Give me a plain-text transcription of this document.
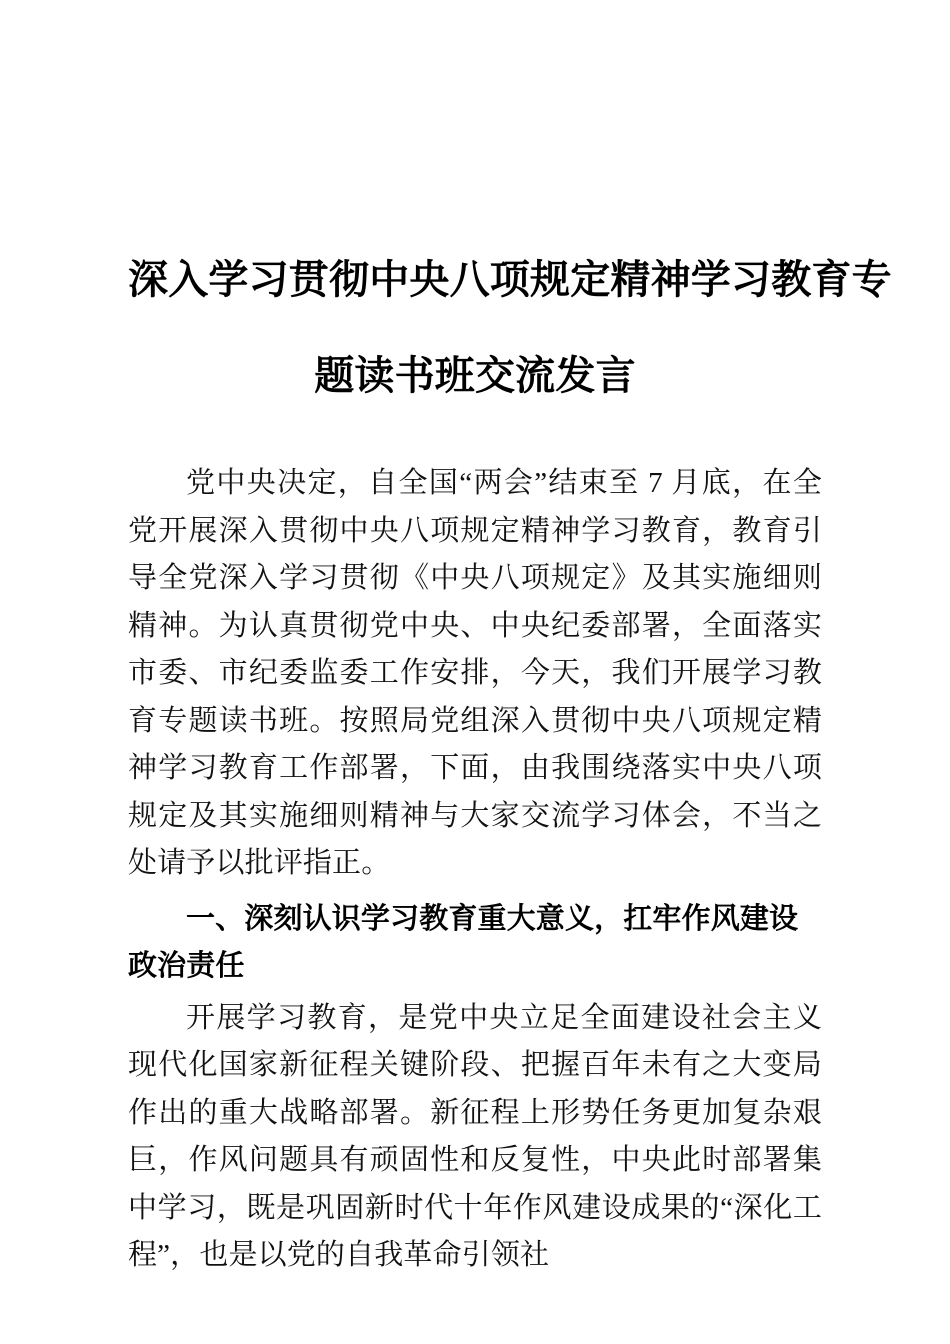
深入学习贯彻中央八项规定精神学习教育专
题读书班交流发言

党中央决定，自全国“两会”结束至 7 月底，在全党开展深入贯彻中央八项规定精神学习教育，教育引导全党深入学习贯彻《中央八项规定》及其实施细则精神。为认真贯彻党中央、中央纪委部署，全面落实市委、市纪委监委工作安排，今天，我们开展学习教育专题读书班。按照局党组深入贯彻中央八项规定精神学习教育工作部署，下面，由我围绕落实中央八项规定及其实施细则精神与大家交流学习体会，不当之处请予以批评指正。

一、深刻认识学习教育重大意义，扛牢作风建设政治责任

开展学习教育，是党中央立足全面建设社会主义现代化国家新征程关键阶段、把握百年未有之大变局作出的重大战略部署。新征程上形势任务更加复杂艰巨，作风问题具有顽固性和反复性，中央此时部署集中学习，既是巩固新时代十年作风建设成果的“深化工程”，也是以党的自我革命引领社
